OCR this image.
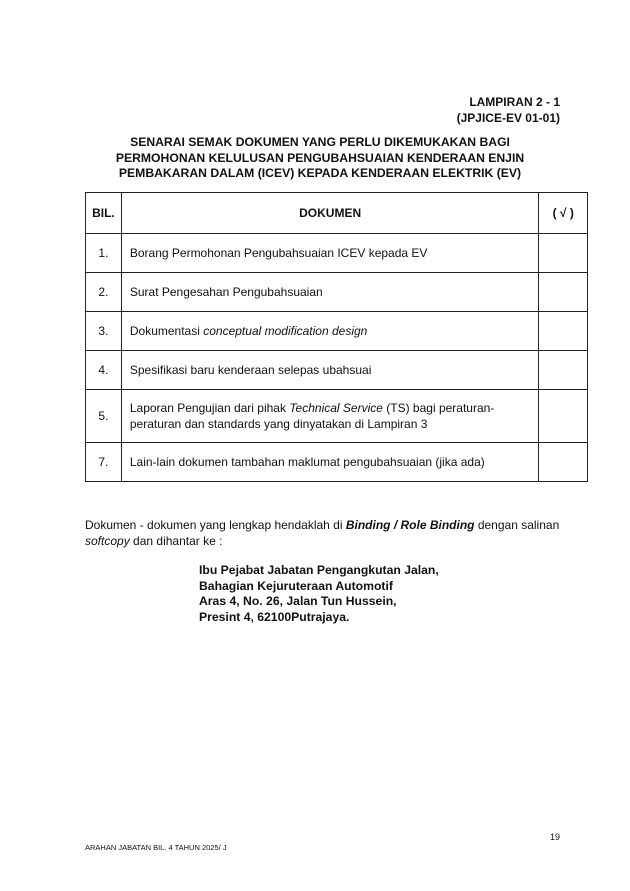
LAMPIRAN 2 - 1
(JPJICE-EV 01-01)
SENARAI SEMAK DOKUMEN YANG PERLU DIKEMUKAKAN BAGI
PERMOHONAN KELULUSAN PENGUBAHSUAIAN KENDERAAN ENJIN
PEMBAKARAN DALAM (ICEV) KEPADA KENDERAAN ELEKTRIK (EV)
BIL.	DOKUMEN	( √ )
1.	Borang Permohonan Pengubahsuaian ICEV kepada EV	
2.	Surat Pengesahan Pengubahsuaian	
3.	Dokumentasi conceptual modification design	
4.	Spesifikasi baru kenderaan selepas ubahsuai	
5.	Laporan Pengujian dari pihak Technical Service (TS) bagi peraturan-peraturan dan standards yang dinyatakan di Lampiran 3	
7.	Lain-lain dokumen tambahan maklumat pengubahsuaian (jika ada)	
Dokumen - dokumen yang lengkap hendaklah di Binding / Role Binding dengan salinan softcopy dan dihantar ke :
Ibu Pejabat Jabatan Pengangkutan Jalan,
Bahagian Kejuruteraan Automotif
Aras 4, No. 26, Jalan Tun Hussein,
Presint 4, 62100Putrajaya.
19
ARAHAN JABATAN BIL. 4 TAHUN 2025/ J
